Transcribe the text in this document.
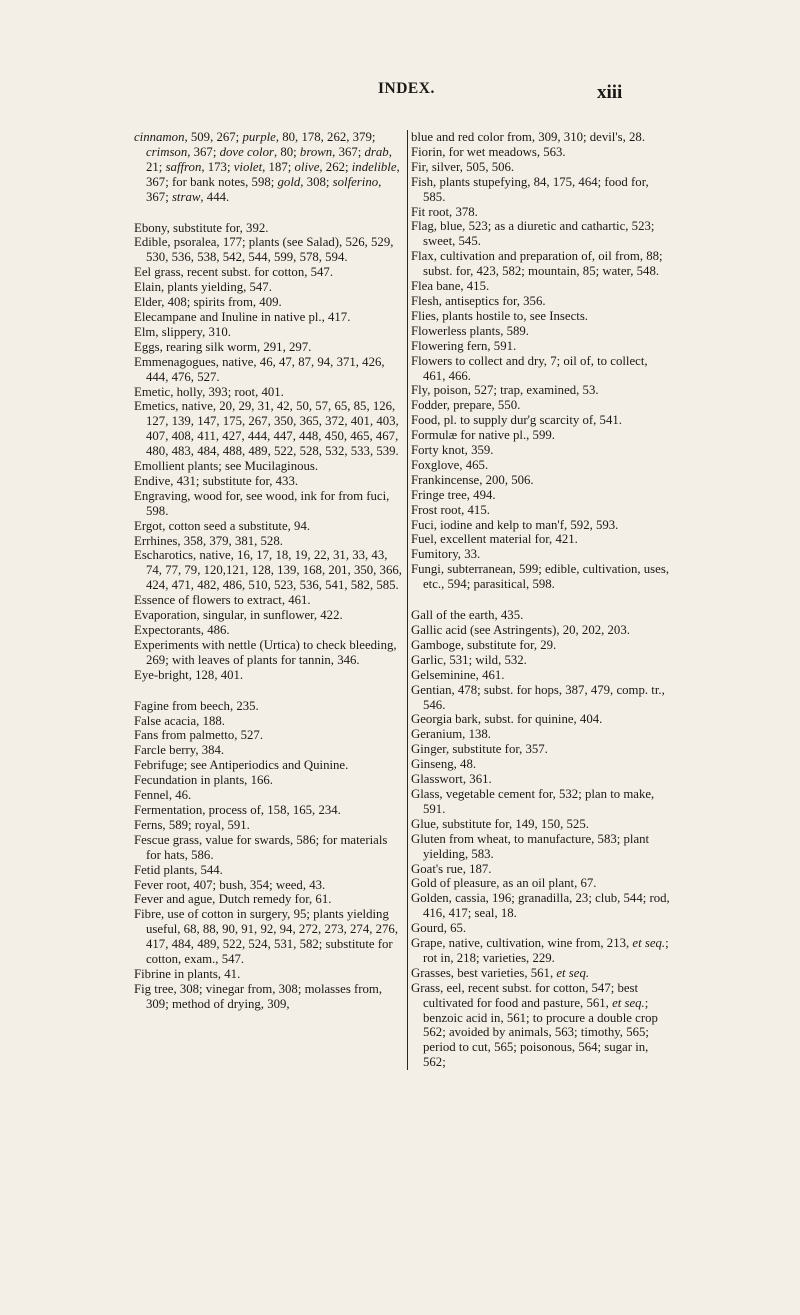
INDEX.	xiii
cinnamon, 509, 267; purple, 80, 178, 262, 379; crimson, 367; dove color, 80; brown, 367; drab, 21; saffron, 173; violet, 187; olive, 262; indelible, 367; for bank notes, 598; gold, 308; solferino, 367; straw, 444.
Ebony, substitute for, 392.
Edible, psoralea, 177; plants (see Salad), 526, 529, 530, 536, 538, 542, 544, 599, 578, 594.
Eel grass, recent subst. for cotton, 547.
Elain, plants yielding, 547.
Elder, 408; spirits from, 409.
Elecampane and Inuline in native pl., 417.
Elm, slippery, 310.
Eggs, rearing silk worm, 291, 297.
Emmenagogues, native, 46, 47, 87, 94, 371, 426, 444, 476, 527.
Emetic, holly, 393; root, 401.
Emetics, native, 20, 29, 31, 42, 50, 57, 65, 85, 126, 127, 139, 147, 175, 267, 350, 365, 372, 401, 403, 407, 408, 411, 427, 444, 447, 448, 450, 465, 467, 480, 483, 484, 488, 489, 522, 528, 532, 533, 539.
Emollient plants; see Mucilaginous.
Endive, 431; substitute for, 433.
Engraving, wood for, see wood, ink for from fuci, 598.
Ergot, cotton seed a substitute, 94.
Errhines, 358, 379, 381, 528.
Escharotics, native, 16, 17, 18, 19, 22, 31, 33, 43, 74, 77, 79, 120,121, 128, 139, 168, 201, 350, 366, 424, 471, 482, 486, 510, 523, 536, 541, 582, 585.
Essence of flowers to extract, 461.
Evaporation, singular, in sunflower, 422.
Expectorants, 486.
Experiments with nettle (Urtica) to check bleeding, 269; with leaves of plants for tannin, 346.
Eye-bright, 128, 401.
Fagine from beech, 235.
False acacia, 188.
Fans from palmetto, 527.
Farcle berry, 384.
Febrifuge; see Antiperiodics and Quinine.
Fecundation in plants, 166.
Fennel, 46.
Fermentation, process of, 158, 165, 234.
Ferns, 589; royal, 591.
Fescue grass, value for swards, 586; for materials for hats, 586.
Fetid plants, 544.
Fever root, 407; bush, 354; weed, 43.
Fever and ague, Dutch remedy for, 61.
Fibre, use of cotton in surgery, 95; plants yielding useful, 68, 88, 90, 91, 92, 94, 272, 273, 274, 276, 417, 484, 489, 522, 524, 531, 582; substitute for cotton, exam., 547.
Fibrine in plants, 41.
Fig tree, 308; vinegar from, 308; molasses from, 309; method of drying, 309,
blue and red color from, 309, 310; devil's, 28.
Fiorin, for wet meadows, 563.
Fir, silver, 505, 506.
Fish, plants stupefying, 84, 175, 464; food for, 585.
Fit root, 378.
Flag, blue, 523; as a diuretic and cathartic, 523; sweet, 545.
Flax, cultivation and preparation of, oil from, 88; subst. for, 423, 582; mountain, 85; water, 548.
Flea bane, 415.
Flesh, antiseptics for, 356.
Flies, plants hostile to, see Insects.
Flowerless plants, 589.
Flowering fern, 591.
Flowers to collect and dry, 7; oil of, to collect, 461, 466.
Fly, poison, 527; trap, examined, 53.
Fodder, prepare, 550.
Food, pl. to supply dur'g scarcity of, 541.
Formulæ for native pl., 599.
Forty knot, 359.
Foxglove, 465.
Frankincense, 200, 506.
Fringe tree, 494.
Frost root, 415.
Fuci, iodine and kelp to man'f, 592, 593.
Fuel, excellent material for, 421.
Fumitory, 33.
Fungi, subterranean, 599; edible, cultivation, uses, etc., 594; parasitical, 598.
Gall of the earth, 435.
Gallic acid (see Astringents), 20, 202, 203.
Gamboge, substitute for, 29.
Garlic, 531; wild, 532.
Gelseminine, 461.
Gentian, 478; subst. for hops, 387, 479, comp. tr., 546.
Georgia bark, subst. for quinine, 404.
Geranium, 138.
Ginger, substitute for, 357.
Ginseng, 48.
Glasswort, 361.
Glass, vegetable cement for, 532; plan to make, 591.
Glue, substitute for, 149, 150, 525.
Gluten from wheat, to manufacture, 583; plant yielding, 583.
Goat's rue, 187.
Gold of pleasure, as an oil plant, 67.
Golden, cassia, 196; granadilla, 23; club, 544; rod, 416, 417; seal, 18.
Gourd, 65.
Grape, native, cultivation, wine from, 213, et seq.; rot in, 218; varieties, 229.
Grasses, best varieties, 561, et seq.
Grass, eel, recent subst. for cotton, 547; best cultivated for food and pasture, 561, et seq.; benzoic acid in, 561; to procure a double crop 562; avoided by animals, 563; timothy, 565; period to cut, 565; poisonous, 564; sugar in, 562;
